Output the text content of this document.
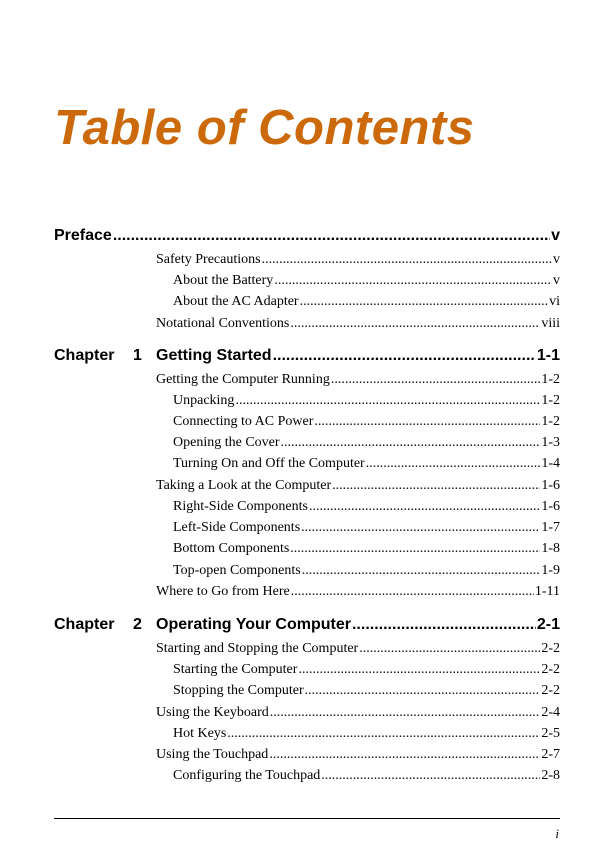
Table of Contents
Preface .....	v
Safety Precautions .....	v
About the Battery .....	v
About the AC Adapter .....	vi
Notational Conventions .....	viii
Chapter 1 Getting Started .....	1-1
Getting the Computer Running .....	1-2
Unpacking .....	1-2
Connecting to AC Power .....	1-2
Opening the Cover .....	1-3
Turning On and Off the Computer .....	1-4
Taking a Look at the Computer .....	1-6
Right-Side Components .....	1-6
Left-Side Components .....	1-7
Bottom Components .....	1-8
Top-open Components .....	1-9
Where to Go from Here .....	1-11
Chapter 2 Operating Your Computer .....	2-1
Starting and Stopping the Computer .....	2-2
Starting the Computer .....	2-2
Stopping the Computer .....	2-2
Using the Keyboard .....	2-4
Hot Keys .....	2-5
Using the Touchpad .....	2-7
Configuring the Touchpad .....	2-8
i
